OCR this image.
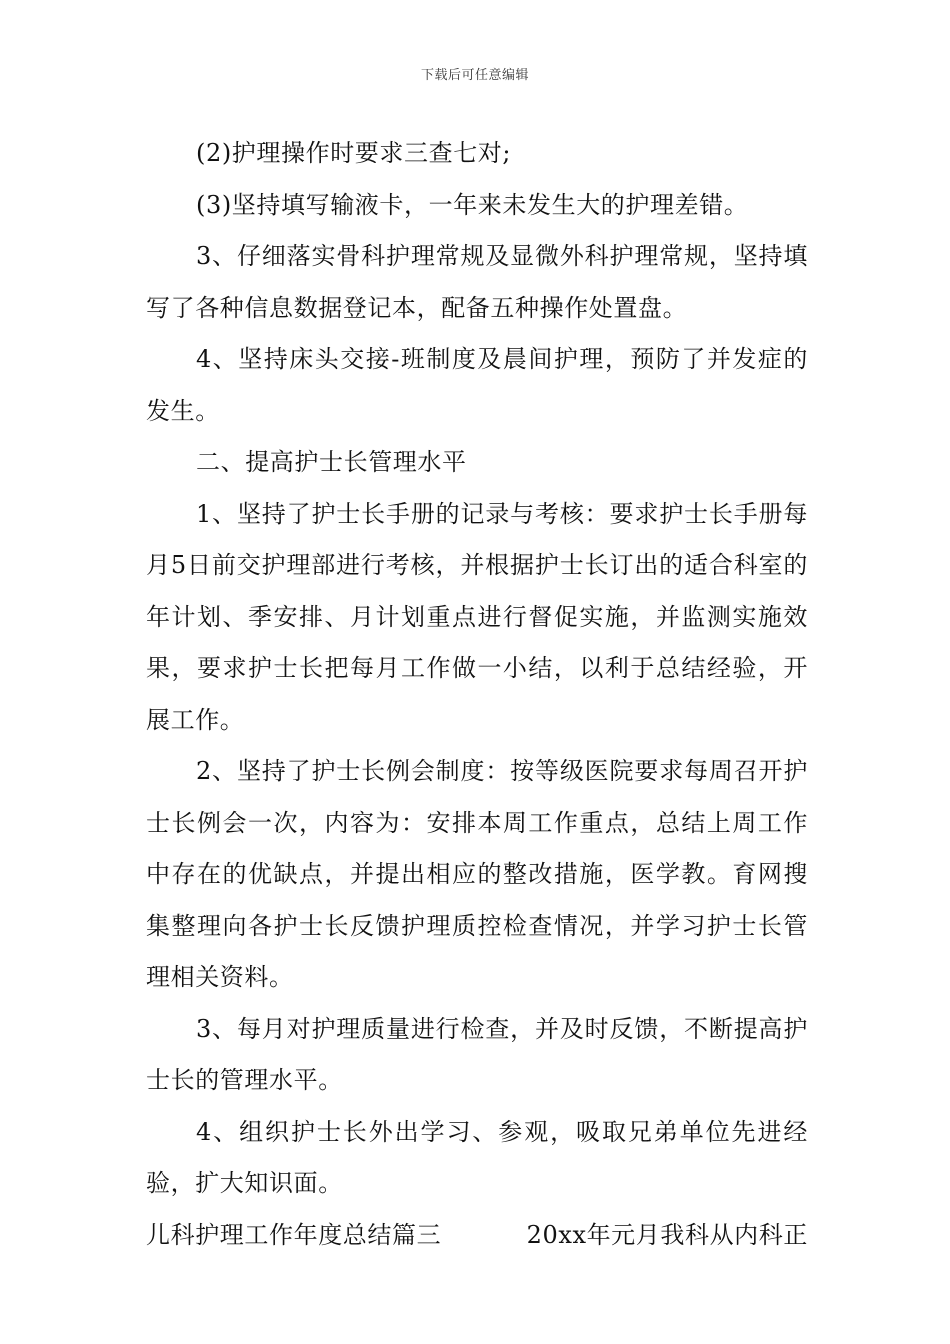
下载后可任意编辑

(2)护理操作时要求三查七对;

(3)坚持填写输液卡，一年来未发生大的护理差错。

3、仔细落实骨科护理常规及显微外科护理常规，坚持填写了各种信息数据登记本，配备五种操作处置盘。

4、坚持床头交接-班制度及晨间护理，预防了并发症的发生。

二、提高护士长管理水平

1、坚持了护士长手册的记录与考核：要求护士长手册每月5日前交护理部进行考核，并根据护士长订出的适合科室的年计划、季安排、月计划重点进行督促实施，并监测实施效果，要求护士长把每月工作做一小结，以利于总结经验，开展工作。

2、坚持了护士长例会制度：按等级医院要求每周召开护士长例会一次，内容为：安排本周工作重点，总结上周工作中存在的优缺点，并提出相应的整改措施，医学教。育网搜集整理向各护士长反馈护理质控检查情况，并学习护士长管理相关资料。

3、每月对护理质量进行检查，并及时反馈，不断提高护士长的管理水平。

4、组织护士长外出学习、参观，吸取兄弟单位先进经验，扩大知识面。

儿科护理工作年度总结篇三	20xx年元月我科从内科正
